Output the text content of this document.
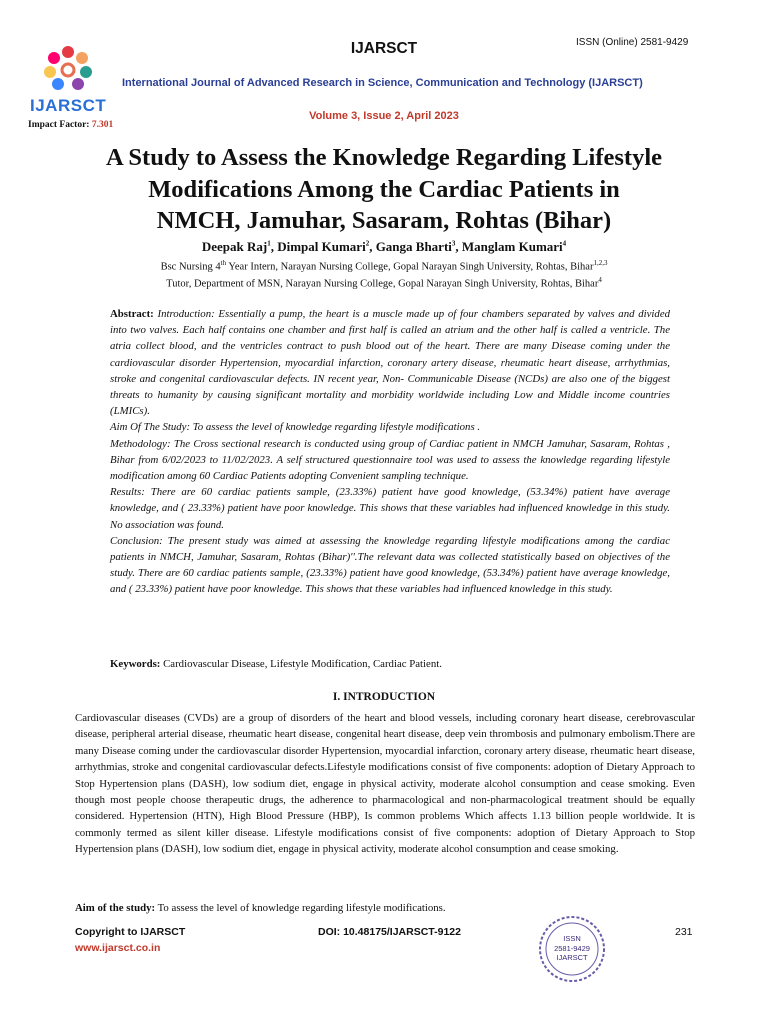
IJARSCT
Impact Factor: 7.301
IJARSCT	ISSN (Online) 2581-9429
International Journal of Advanced Research in Science, Communication and Technology (IJARSCT)
Volume 3, Issue 2, April 2023
A Study to Assess the Knowledge Regarding Lifestyle
Modifications Among the Cardiac Patients in
NMCH, Jamuhar, Sasaram, Rohtas (Bihar)
Deepak Raj$^1$, Dimpal Kumari$^2$, Ganga Bharti$^3$, Manglam Kumari$^4$
Bsc Nursing 4th Year Intern, Narayan Nursing College, Gopal Narayan Singh University, Rohtas, Bihar$^{1,2,3}$
Tutor, Department of MSN, Narayan Nursing College, Gopal Narayan Singh University, Rohtas, Bihar$^4$

Abstract: Introduction: Essentially a pump, the heart is a muscle made up of four chambers separated by valves and divided into two valves. Each half contains one chamber and first half is called an atrium and the other half is called a ventricle. The atria collect blood, and the ventricles contract to push blood out of the heart. There are many Disease coming under the cardiovascular disorder Hypertension, myocardial infarction, coronary artery disease, rheumatic heart disease, arrhythmias, stroke and congenital cardiovascular defects. IN recent year, Non- Communicable Disease (NCDs) are also one of the biggest threats to humanity by causing significant mortality and morbidity worldwide including Low and Middle income countries (LMICs).

Aim Of The Study: To assess the level of knowledge regarding lifestyle modifications .

Methodology: The Cross sectional research is conducted using group of Cardiac patient in NMCH Jamuhar, Sasaram, Rohtas , Bihar from 6/02/2023 to 11/02/2023. A self structured questionnaire tool was used to assess the knowledge regarding lifestyle modification among 60 Cardiac Patients adopting Convenient sampling technique.

Results: There are 60 cardiac patients sample, (23.33%) patient have good knowledge, (53.34%) patient have average knowledge, and ( 23.33%) patient have poor knowledge. This shows that these variables had influenced knowledge in this study. No association was found.

Conclusion: The present study was aimed at assessing the knowledge regarding lifestyle modifications among the cardiac patients in NMCH, Jamuhar, Sasaram, Rohtas (Bihar)''.The relevant data was collected statistically based on objectives of the study. There are 60 cardiac patients sample, (23.33%) patient have good knowledge, (53.34%) patient have average knowledge, and ( 23.33%) patient have poor knowledge. This shows that these variables had influenced knowledge in this study.

Keywords: Cardiovascular Disease, Lifestyle Modification, Cardiac Patient.
I. INTRODUCTION
Cardiovascular diseases (CVDs) are a group of disorders of the heart and blood vessels, including coronary heart disease, cerebrovascular disease, peripheral arterial disease, rheumatic heart disease, congenital heart disease, deep vein thrombosis and pulmonary embolism.There are many Disease coming under the cardiovascular disorder Hypertension, myocardial infarction, coronary artery disease, rheumatic heart disease, arrhythmias, stroke and congenital cardiovascular defects.Lifestyle modifications consist of five components: adoption of Dietary Approach to Stop Hypertension plans (DASH), low sodium diet, engage in physical activity, moderate alcohol consumption and cease smoking. Even though most people choose therapeutic drugs, the adherence to pharmacological and non-pharmacological treatment should be equally considered. Hypertension (HTN), High Blood Pressure (HBP), Is common problems Which affects 1.13 billion people worldwide. It is commonly termed as silent killer disease. Lifestyle modifications consist of five components: adoption of Dietary Approach to Stop Hypertension plans (DASH), low sodium diet, engage in physical activity, moderate alcohol consumption and cease smoking.
Aim of the study: To assess the level of knowledge regarding lifestyle modifications.
Copyright to IJARSCT
www.ijarsct.co.in
DOI: 10.48175/IJARSCT-9122
ISSN
2581-9429
IJARSCT
231
